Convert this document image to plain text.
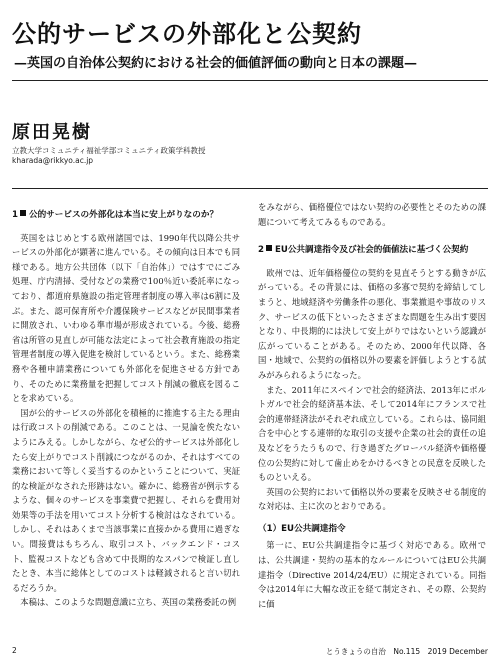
公的サービスの外部化と公契約
—英国の自治体公契約における社会的価値評価の動向と日本の課題—
原田晃樹
立教大学コミュニティ福祉学部コミュニティ政策学科教授
kharada@rikkyo.ac.jp
1 公的サービスの外部化は本当に安上がりなのか？

英国をはじめとする欧州諸国では、1990年代以降公共サービスの外部化が顕著に進んでいる。その傾向は日本でも同様である。地方公共団体（以下「自治体」）ではすでにごみ処理、庁内清掃、受付などの業務で100％近い委託率になっており、都道府県施設の指定管理者制度の導入率は6割に及ぶ。また、認可保育所や介護保険サービスなどが民間事業者に開放され、いわゆる準市場が形成されている。今後、総務省は所管の見直しが可能な法定によって社会教育施設の指定管理者制度の導入促進を検討しているという。また、総務業務や各種申請業務についても外部化を促進させる方針であり、そのために業務量を把握してコスト削減の徹底を図ることを求めている。

国が公的サービスの外部化を積極的に推進する主たる理由は行政コストの削減である。このことは、一見論を俟たないようにみえる。しかしながら、なぜ公的サービスは外部化したら安上がりでコスト削減につながるのか、それはすべての業務において等しく妥当するのかということについて、実証的な検証がなされた形跡はない。確かに、総務省が例示するような、個々のサービスを事業費で把握し、それらを費用対効果等の手法を用いてコスト分析する検討はなされている。しかし、それはあくまで当該事業に直接かかる費用に過ぎない。間接費はもちろん、取引コスト、バックエンド・コスト、監視コストなども含めて中長期的なスパンで検証し直したとき、本当に総体としてのコストは軽減されると言い切れるだろうか。

本稿は、このような問題意識に立ち、英国の業務委託の例

をみながら、価格優位ではない契約の必要性とそのための課題について考えてみるものである。

2 EU公共調達指令及び社会的価値法に基づく公契約

欧州では、近年価格優位の契約を見直そうとする動きが広がっている。その背景には、価格の多寡で契約を締結してしまうと、地域経済や労働条件の悪化、事業撤退や事故のリスク、サービスの低下といったさまざまな問題を生み出す要因となり、中長期的には決して安上がりではないという認識が広がっていることがある。そのため、2000年代以降、各国・地域で、公契約の価格以外の要素を評価しようとする試みがみられるようになった。

また、2011年にスペインで社会的経済法、2013年にポルトガルで社会的経済基本法、そして2014年にフランスで社会的連帯経済法がそれぞれ成立している。これらは、協同組合を中心とする連帯的な取引の支援や企業の社会的責任の追及などをうたうもので、行き過ぎたグローバル経済や価格優位の公契約に対して歯止めをかけるべきとの民意を反映したものといえる。

英国の公契約において価格以外の要素を反映させる制度的な対応は、主に次のとおりである。

（1）EU公共調達指令

第一に、EU公共調達指令に基づく対応である。欧州では、公共調達・契約の基本的なルールについてはEU公共調達指令（Directive 2014/24/EU）に規定されている。同指令は2014年に大幅な改正を経て制定され、その際、公契約に価

2	とうきょうの自治　No.115　2019 December
